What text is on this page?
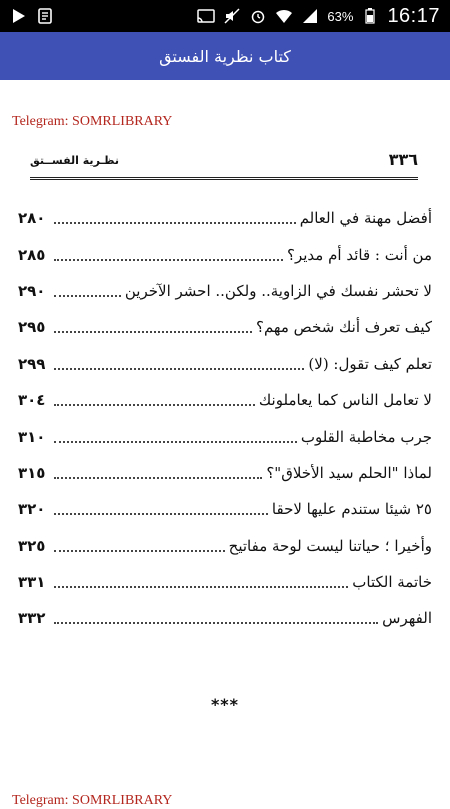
63% 16:17
كتاب نظرية الفستق
Telegram: SOMRLIBRARY
٣٣٦
نظـرية الفســتق
أفضل مهنة في العالم
٢٨٠
من أنت : قائد أم مدير؟
٢٨٥
لا تحشر نفسك في الزاوية.. ولكن.. احشر الآخرين
٢٩٠
كيف تعرف أنك شخص مهم؟
٢٩٥
تعلم كيف تقول: (لا)
٢٩٩
لا تعامل الناس كما يعاملونك
٣٠٤
جرب مخاطبة القلوب
٣١٠
لماذا "الحلم سيد الأخلاق"؟
٣١٥
٢٥ شيئا ستندم عليها لاحقا
٣٢٠
وأخيرا ؛ حياتنا ليست لوحة مفاتيح
٣٢٥
خاتمة الكتاب
٣٣١
الفهرس
٣٣٢
***
Telegram: SOMRLIBRARY
